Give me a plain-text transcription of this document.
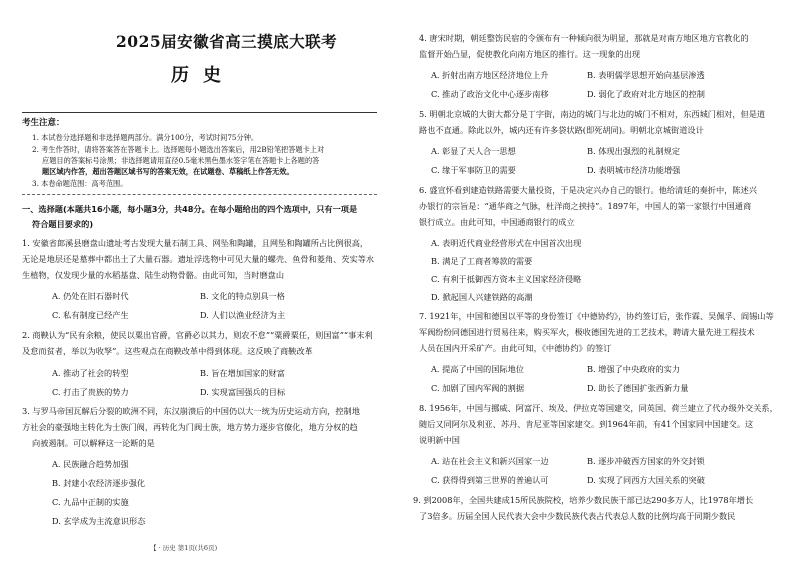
2025届安徽省高三摸底大联考
历史
考生注意：
1. 本试卷分选择题和非选择题两部分。满分100分，考试时间75分钟。
2. 考生作答时，请将答案答在答题卡上。选择题每小题选出答案后，用2B铅笔把答题卡上对
应题目的答案标号涂黑；非选择题请用直径0.5毫米黑色墨水签字笔在答题卡上各题的答
题区域内作答，超出答题区域书写的答案无效，在试题卷、草稿纸上作答无效。
3. 本卷命题范围：高考范围。
一、选择题(本题共16小题，每小题3分，共48分。在每小题给出的四个选项中，只有一项是
符合题目要求的)
1. 安徽省郎溪县磨盘山遗址考古发现大量石制工具、网坠和陶罐，且网坠和陶罐所占比例很高，
无论是地层还是墓葬中都出土了大量石器。遗址浮选物中可见大量的螺壳、鱼骨和菱角、芡实等水
生植物，仅发现少量的水稻基盘、陆生动物骨骼。由此可知，当时磨盘山
A. 仍处在旧石器时代	B. 文化的特点别具一格
C. 私有制度已经产生	D. 人们以渔业经济为主
2. 商鞅认为“民有余粮，使民以粟出官爵，官爵必以其力，则农不怠”“粟爵粟任，则国富”“事末利
及怠而贫者，举以为收孥”。这些观点在商鞅改革中得到体现。这反映了商鞅改革
A. 推动了社会的转型	B. 旨在增加国家的财富
C. 打击了贵族的势力	D. 实现富国强兵的目标
3. 与罗马帝国瓦解后分裂的欧洲不同，东汉崩溃后的中国仍以大一统为历史运动方向，控制地
方社会的豪强地主转化为士族门阀，再转化为门阀士族，地方势力逐步官僚化，地方分权的趋
向被遏制。可以解释这一论断的是
A. 民族融合趋势加强
B. 封建小农经济逐步强化
C. 九品中正制的实施
D. 玄学成为主流意识形态
【 · 历史 第1页(共6页)
4. 唐宋时期，朝廷整饬民宿的令颁布有一种倾向很为明显，那就是对南方地区地方官教化的
监督开始凸显，促使教化向南方地区的推行。这一现象的出现
A. 折射出南方地区经济地位上升	B. 表明儒学思想开始向基层渗透
C. 推动了政治文化中心逐步南移	D. 弱化了政府对北方地区的控制
5. 明朝北京城的大街大都分是丁字街，南边的城门与北边的城门不相对，东西城门相对，但是道
路也不直通。除此以外，城内还有许多袋状路(即死胡同)。明朝北京城街道设计
A. 彰显了天人合一思想	B. 体现出强烈的礼制规定
C. 缘于军事防卫的需要	D. 表明城市经济功能增强
6. 盛宣怀看到建造铁路需要大量投资，于是决定兴办自己的银行。他给清廷的奏折中，陈述兴
办银行的宗旨是：“通华商之气脉，杜洋商之挟持”。1897年，中国人的第一家银行中国通商
银行成立。由此可知，中国通商银行的成立
A. 表明近代商业经营形式在中国首次出现
B. 满足了工商者筹款的需要
C. 有利于抵御西方资本主义国家经济侵略
D. 掀起国人兴建铁路的高潮
7. 1921年，中国和德国以平等的身份签订《中德协约》，协约签订后，张作霖、吴佩孚、阎锡山等
军阀纷纷同德国进行贸易往来，购买军火，极收德国先进的工艺技术，聘请大量先进工程技术
人员在国内开采矿产。由此可知，《中德协约》的签订
A. 提高了中国的国际地位	B. 增强了中央政府的实力
C. 加剧了国内军阀的割据	D. 助长了德国扩张西新力量
8. 1956年，中国与挪威、阿富汗、埃及、伊拉克等国建交，同英国、荷兰建立了代办级外交关系，
随后又同阿尔及利亚、苏丹、肯尼亚等国家建交。到1964年前，有41个国家同中国建交。这
说明新中国
A. 站在社会主义和新兴国家一边	B. 逐步冲破西方国家的外交封锁
C. 获得得到第三世界的普遍认可	D. 实现了同西方大国关系的突破
9. 到2008年，全国共建成15所民族院校，培养少数民族干部已达290多万人，比1978年增长
了3倍多。历届全国人民代表大会中少数民族代表占代表总人数的比例均高于同期少数民
